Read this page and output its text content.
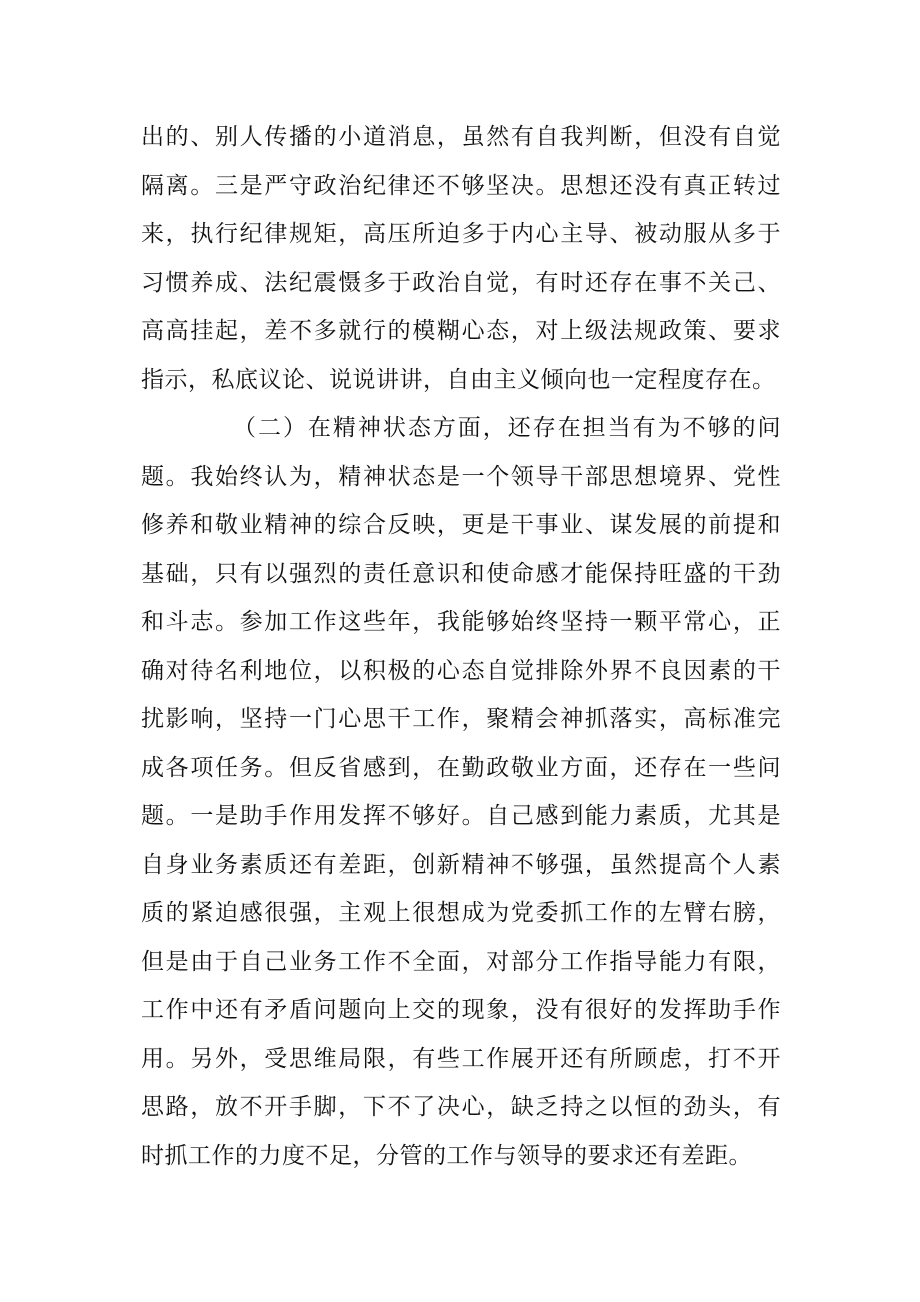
出的、别人传播的小道消息，虽然有自我判断，但没有自觉
隔离。三是严守政治纪律还不够坚决。思想还没有真正转过
来，执行纪律规矩，高压所迫多于内心主导、被动服从多于
习惯养成、法纪震慑多于政治自觉，有时还存在事不关己、
高高挂起，差不多就行的模糊心态，对上级法规政策、要求
指示，私底议论、说说讲讲，自由主义倾向也一定程度存在。
（二）在精神状态方面，还存在担当有为不够的问
题。我始终认为，精神状态是一个领导干部思想境界、党性
修养和敬业精神的综合反映，更是干事业、谋发展的前提和
基础，只有以强烈的责任意识和使命感才能保持旺盛的干劲
和斗志。参加工作这些年，我能够始终坚持一颗平常心，正
确对待名利地位，以积极的心态自觉排除外界不良因素的干
扰影响，坚持一门心思干工作，聚精会神抓落实，高标准完
成各项任务。但反省感到，在勤政敬业方面，还存在一些问
题。一是助手作用发挥不够好。自己感到能力素质，尤其是
自身业务素质还有差距，创新精神不够强，虽然提高个人素
质的紧迫感很强，主观上很想成为党委抓工作的左臂右膀，
但是由于自己业务工作不全面，对部分工作指导能力有限，
工作中还有矛盾问题向上交的现象，没有很好的发挥助手作
用。另外，受思维局限，有些工作展开还有所顾虑，打不开
思路，放不开手脚，下不了决心，缺乏持之以恒的劲头，有
时抓工作的力度不足，分管的工作与领导的要求还有差距。
